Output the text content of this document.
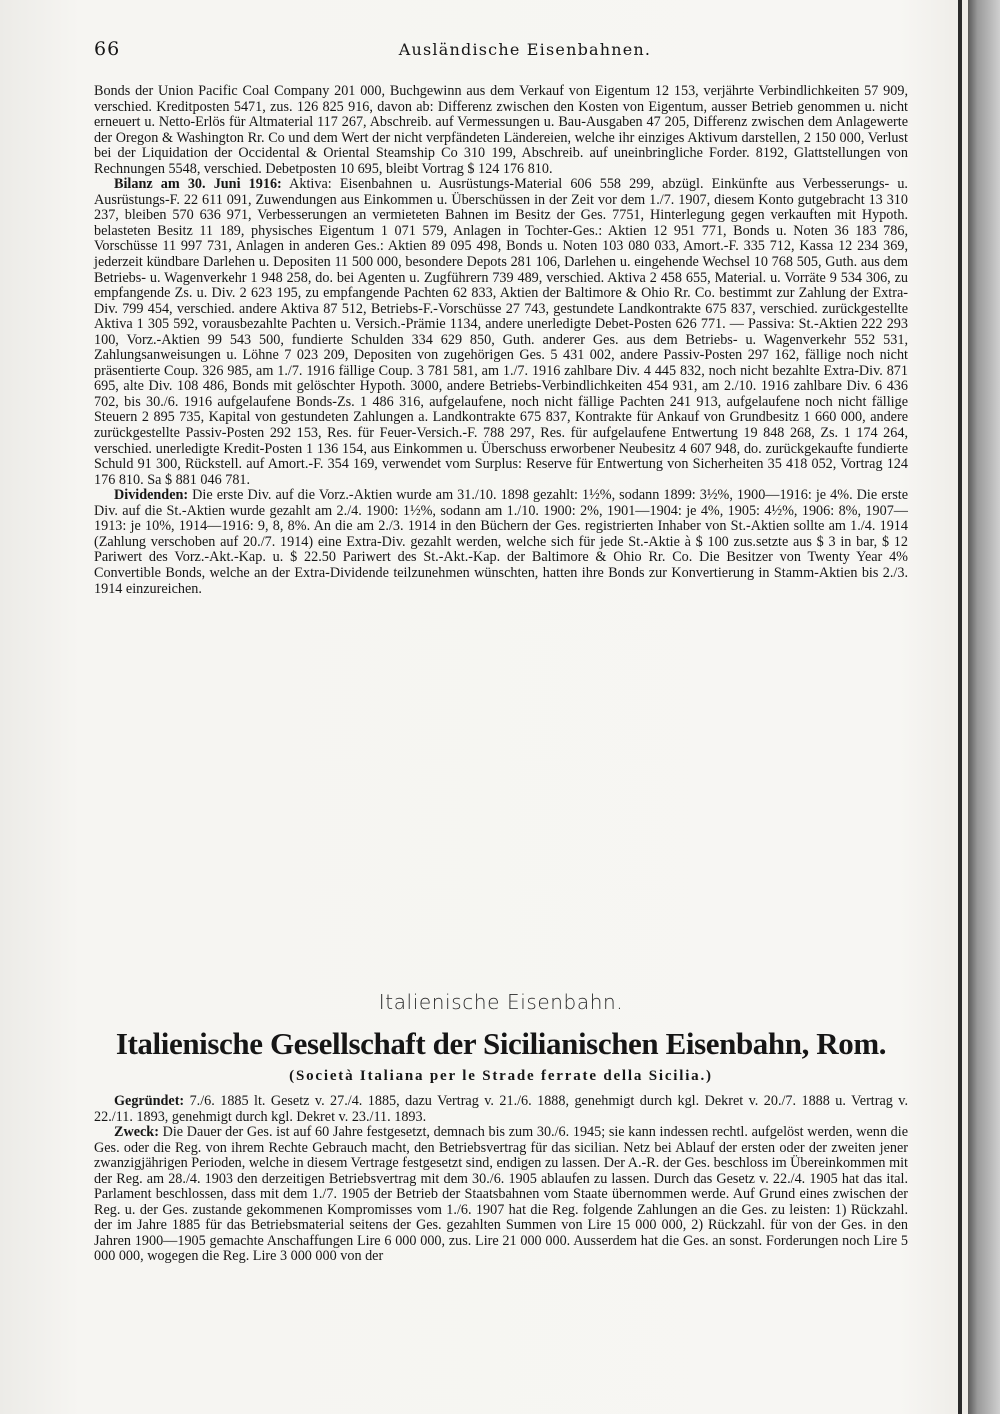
66	Ausländische Eisenbahnen.

Bonds der Union Pacific Coal Company 201 000, Buchgewinn aus dem Verkauf von Eigentum 12 153, verjährte Verbindlichkeiten 57 909, verschied. Kreditposten 5471, zus. 126 825 916, davon ab: Differenz zwischen den Kosten von Eigentum, ausser Betrieb genommen u. nicht erneuert u. Netto-Erlös für Altmaterial 117 267, Abschreib. auf Vermessungen u. Bau-Ausgaben 47 205, Differenz zwischen dem Anlagewerte der Oregon & Washington Rr. Co und dem Wert der nicht verpfändeten Ländereien, welche ihr einziges Aktivum darstellen, 2 150 000, Verlust bei der Liquidation der Occidental & Oriental Steamship Co 310 199, Abschreib. auf uneinbringliche Forder. 8192, Glattstellungen von Rechnungen 5548, verschied. Debetposten 10 695, bleibt Vortrag $ 124 176 810.

Bilanz am 30. Juni 1916: Aktiva: Eisenbahnen u. Ausrüstungs-Material 606 558 299, abzügl. Einkünfte aus Verbesserungs- u. Ausrüstungs-F. 22 611 091, Zuwendungen aus Einkommen u. Überschüssen in der Zeit vor dem 1./7. 1907, diesem Konto gutgebracht 13 310 237, bleiben 570 636 971, Verbesserungen an vermieteten Bahnen im Besitz der Ges. 7751, Hinterlegung gegen verkauften mit Hypoth. belasteten Besitz 11 189, physisches Eigentum 1 071 579, Anlagen in Tochter-Ges.: Aktien 12 951 771, Bonds u. Noten 36 183 786, Vorschüsse 11 997 731, Anlagen in anderen Ges.: Aktien 89 095 498, Bonds u. Noten 103 080 033, Amort.-F. 335 712, Kassa 12 234 369, jederzeit kündbare Darlehen u. Depositen 11 500 000, besondere Depots 281 106, Darlehen u. eingehende Wechsel 10 768 505, Guth. aus dem Betriebs- u. Wagenverkehr 1 948 258, do. bei Agenten u. Zugführern 739 489, verschied. Aktiva 2 458 655, Material. u. Vorräte 9 534 306, zu empfangende Zs. u. Div. 2 623 195, zu empfangende Pachten 62 833, Aktien der Baltimore & Ohio Rr. Co. bestimmt zur Zahlung der Extra-Div. 799 454, verschied. andere Aktiva 87 512, Betriebs-F.-Vorschüsse 27 743, gestundete Landkontrakte 675 837, verschied. zurückgestellte Aktiva 1 305 592, vorausbezahlte Pachten u. Versich.-Prämie 1134, andere unerledigte Debet-Posten 626 771. — Passiva: St.-Aktien 222 293 100, Vorz.-Aktien 99 543 500, fundierte Schulden 334 629 850, Guth. anderer Ges. aus dem Betriebs- u. Wagenverkehr 552 531, Zahlungsanweisungen u. Löhne 7 023 209, Depositen von zugehörigen Ges. 5 431 002, andere Passiv-Posten 297 162, fällige noch nicht präsentierte Coup. 326 985, am 1./7. 1916 fällige Coup. 3 781 581, am 1./7. 1916 zahlbare Div. 4 445 832, noch nicht bezahlte Extra-Div. 871 695, alte Div. 108 486, Bonds mit gelöschter Hypoth. 3000, andere Betriebs-Verbindlichkeiten 454 931, am 2./10. 1916 zahlbare Div. 6 436 702, bis 30./6. 1916 aufgelaufene Bonds-Zs. 1 486 316, aufgelaufene, noch nicht fällige Pachten 241 913, aufgelaufene noch nicht fällige Steuern 2 895 735, Kapital von gestundeten Zahlungen a. Landkontrakte 675 837, Kontrakte für Ankauf von Grundbesitz 1 660 000, andere zurückgestellte Passiv-Posten 292 153, Res. für Feuer-Versich.-F. 788 297, Res. für aufgelaufene Entwertung 19 848 268, Zs. 1 174 264, verschied. unerledigte Kredit-Posten 1 136 154, aus Einkommen u. Überschuss erworbener Neubesitz 4 607 948, do. zurückgekaufte fundierte Schuld 91 300, Rückstell. auf Amort.-F. 354 169, verwendet vom Surplus: Reserve für Entwertung von Sicherheiten 35 418 052, Vortrag 124 176 810. Sa $ 881 046 781.

Dividenden: Die erste Div. auf die Vorz.-Aktien wurde am 31./10. 1898 gezahlt: 1½%, sodann 1899: 3½%, 1900—1916: je 4%. Die erste Div. auf die St.-Aktien wurde gezahlt am 2./4. 1900: 1½%, sodann am 1./10. 1900: 2%, 1901—1904: je 4%, 1905: 4½%, 1906: 8%, 1907—1913: je 10%, 1914—1916: 9, 8, 8%. An die am 2./3. 1914 in den Büchern der Ges. registrierten Inhaber von St.-Aktien sollte am 1./4. 1914 (Zahlung verschoben auf 20./7. 1914) eine Extra-Div. gezahlt werden, welche sich für jede St.-Aktie à $ 100 zus.setzte aus $ 3 in bar, $ 12 Pariwert des Vorz.-Akt.-Kap. u. $ 22.50 Pariwert des St.-Akt.-Kap. der Baltimore & Ohio Rr. Co. Die Besitzer von Twenty Year 4% Convertible Bonds, welche an der Extra-Dividende teilzunehmen wünschten, hatten ihre Bonds zur Konvertierung in Stamm-Aktien bis 2./3. 1914 einzureichen.

Italienische Eisenbahn.
Italienische Gesellschaft der Sicilianischen Eisenbahn, Rom.
(Società Italiana per le Strade ferrate della Sicilia.)

Gegründet: 7./6. 1885 lt. Gesetz v. 27./4. 1885, dazu Vertrag v. 21./6. 1888, genehmigt durch kgl. Dekret v. 20./7. 1888 u. Vertrag v. 22./11. 1893, genehmigt durch kgl. Dekret v. 23./11. 1893.

Zweck: Die Dauer der Ges. ist auf 60 Jahre festgesetzt, demnach bis zum 30./6. 1945; sie kann indessen rechtl. aufgelöst werden, wenn die Ges. oder die Reg. von ihrem Rechte Gebrauch macht, den Betriebsvertrag für das sicilian. Netz bei Ablauf der ersten oder der zweiten jener zwanzigjährigen Perioden, welche in diesem Vertrage festgesetzt sind, endigen zu lassen. Der A.-R. der Ges. beschloss im Übereinkommen mit der Reg. am 28./4. 1903 den derzeitigen Betriebsvertrag mit dem 30./6. 1905 ablaufen zu lassen. Durch das Gesetz v. 22./4. 1905 hat das ital. Parlament beschlossen, dass mit dem 1./7. 1905 der Betrieb der Staatsbahnen vom Staate übernommen werde. Auf Grund eines zwischen der Reg. u. der Ges. zustande gekommenen Kompromisses vom 1./6. 1907 hat die Reg. folgende Zahlungen an die Ges. zu leisten: 1) Rückzahl. der im Jahre 1885 für das Betriebsmaterial seitens der Ges. gezahlten Summen von Lire 15 000 000, 2) Rückzahl. für von der Ges. in den Jahren 1900—1905 gemachte Anschaffungen Lire 6 000 000, zus. Lire 21 000 000. Ausserdem hat die Ges. an sonst. Forderungen noch Lire 5 000 000, wogegen die Reg. Lire 3 000 000 von der
